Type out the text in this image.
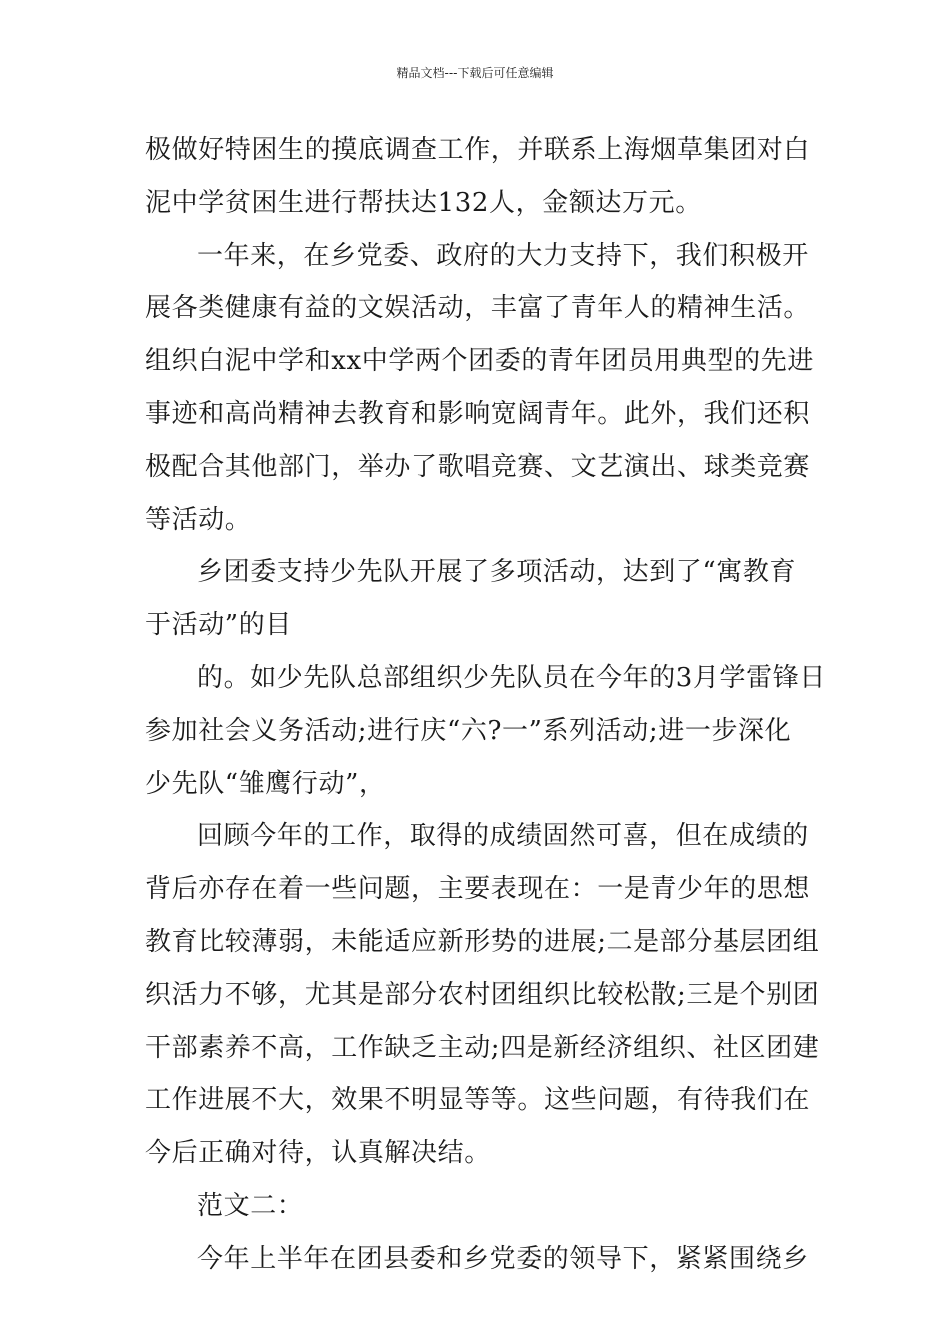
精品文档---下载后可任意编辑
极做好特困生的摸底调查工作，并联系上海烟草集团对白
泥中学贫困生进行帮扶达132人，金额达万元。
一年来，在乡党委、政府的大力支持下，我们积极开
展各类健康有益的文娱活动，丰富了青年人的精神生活。
组织白泥中学和xx中学两个团委的青年团员用典型的先进
事迹和高尚精神去教育和影响宽阔青年。此外，我们还积
极配合其他部门，举办了歌唱竞赛、文艺演出、球类竞赛
等活动。
乡团委支持少先队开展了多项活动，达到了“寓教育
于活动”的目
的。如少先队总部组织少先队员在今年的3月学雷锋日
参加社会义务活动;进行庆“六?一”系列活动;进一步深化
少先队“雏鹰行动”，
回顾今年的工作，取得的成绩固然可喜，但在成绩的
背后亦存在着一些问题，主要表现在：一是青少年的思想
教育比较薄弱，未能适应新形势的进展;二是部分基层团组
织活力不够，尤其是部分农村团组织比较松散;三是个别团
干部素养不高，工作缺乏主动;四是新经济组织、社区团建
工作进展不大，效果不明显等等。这些问题，有待我们在
今后正确对待，认真解决结。
范文二：
今年上半年在团县委和乡党委的领导下，紧紧围绕乡
